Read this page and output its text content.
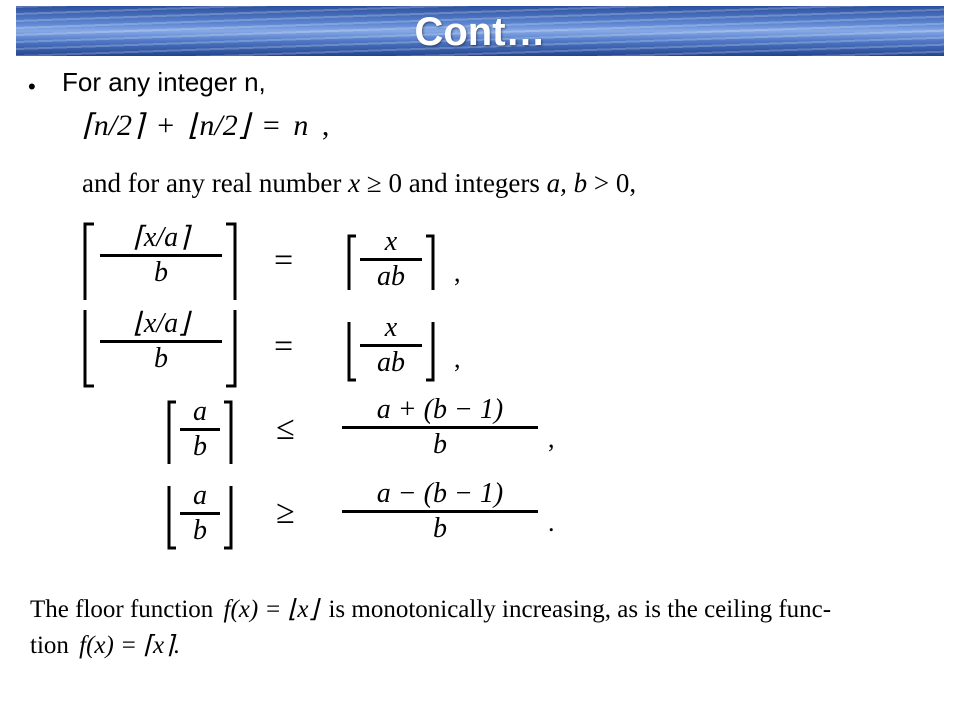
Cont…
• For any integer n,
⌈n/2⌉ + ⌊n/2⌋ = n ,
and for any real number x ≥ 0 and integers a, b > 0,
$\frac{⌈x/a⌉}{b} = \frac{x}{ab}$ ,
$\frac{⌊x/a⌋}{b} = \frac{x}{ab}$ ,
$\frac{a}{b} \le \frac{a + (b - 1)}{b}$ ,
$\frac{a}{b} \ge \frac{a - (b - 1)}{b}$ .
The floor function f(x) = ⌊x⌋ is monotonically increasing, as is the ceiling func-
tion f(x) = ⌈x⌉.
